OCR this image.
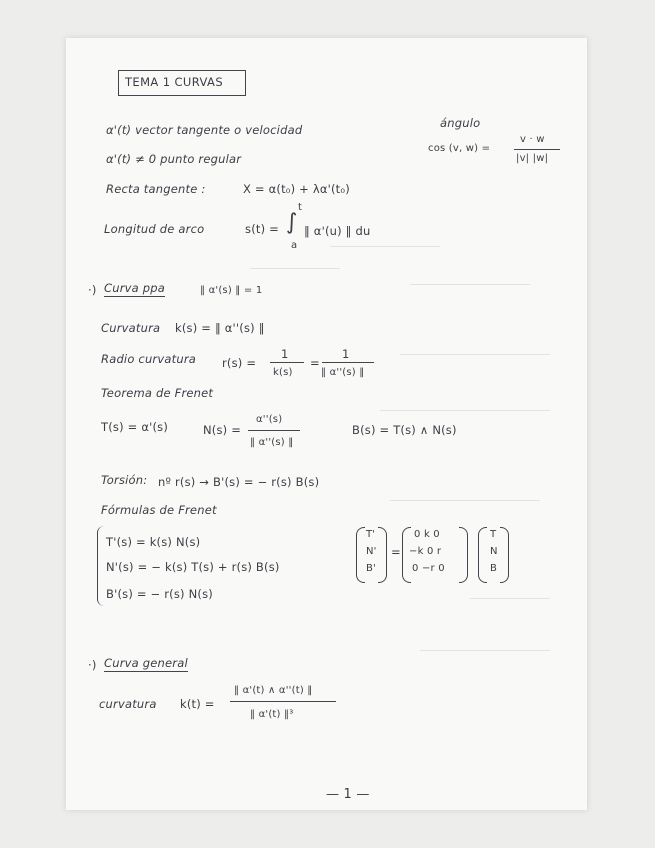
TEMA 1 CURVAS
α'(t) vector tangente o velocidad
α'(t) ≠ 0 punto regular
Recta tangente :	X = α(t₀) + λα'(t₀)
Longitud de arco	s(t) = ∫
t
a
‖ α'(u) ‖ du
ángulo
cos (v, w) =
v · w
|v| |w|
·) Curva ppa	‖ α'(s) ‖ = 1
Curvatura k(s) = ‖ α''(s) ‖
Radio curvatura r(s) =
1
k(s)
=
1
‖ α''(s) ‖
Teorema de Frenet
T(s) = α'(s)	N(s) =
α''(s)
‖ α''(s) ‖
B(s) = T(s) ∧ N(s)
Torsión: nº r(s) → B'(s) = − r(s) B(s)
Fórmulas de Frenet
T'(s) = k(s) N(s)
N'(s) = − k(s) T(s) + r(s) B(s)
B'(s) = − r(s) N(s)
T'
N'
B'
=
0 k 0
−k 0 r
0 −r 0
T
N
B
·) Curva general
curvatura k(t) =
‖ α'(t) ∧ α''(t) ‖
‖ α'(t) ‖³
— 1 —
